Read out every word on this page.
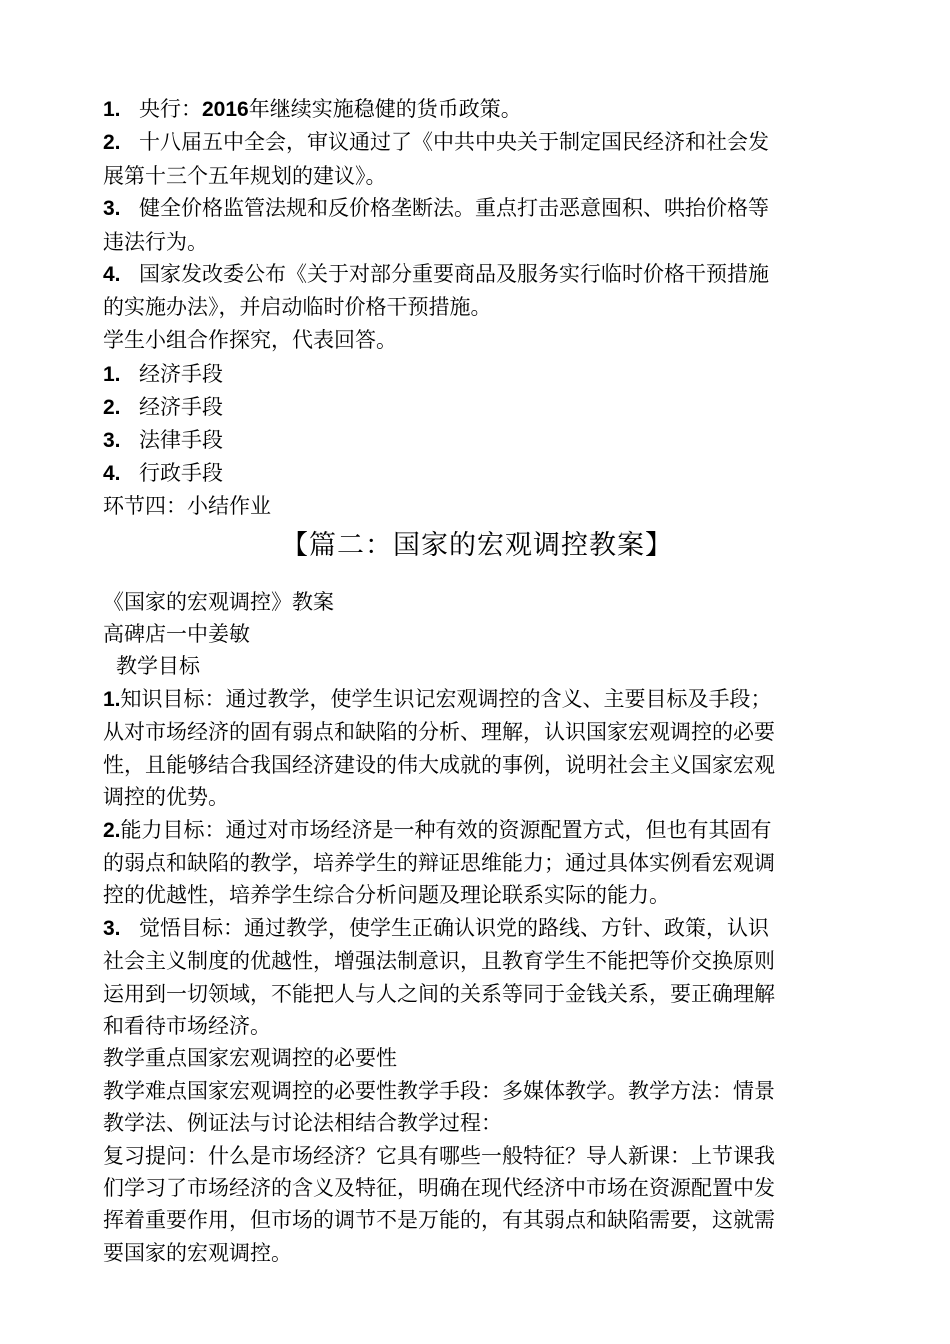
1. 央行：2016年继续实施稳健的货币政策。
2. 十八届五中全会，审议通过了《中共中央关于制定国民经济和社会发
展第十三个五年规划的建议》。
3. 健全价格监管法规和反价格垄断法。重点打击恶意囤积、哄抬价格等
违法行为。
4. 国家发改委公布《关于对部分重要商品及服务实行临时价格干预措施
的实施办法》，并启动临时价格干预措施。
学生小组合作探究，代表回答。
1. 经济手段
2. 经济手段
3. 法律手段
4. 行政手段
环节四：小结作业
【篇二：国家的宏观调控教案】
《国家的宏观调控》教案
高碑店一中姜敏
教学目标
1.知识目标：通过教学，使学生识记宏观调控的含义、主要目标及手段；
从对市场经济的固有弱点和缺陷的分析、理解，认识国家宏观调控的必要
性，且能够结合我国经济建设的伟大成就的事例，说明社会主义国家宏观
调控的优势。
2.能力目标：通过对市场经济是一种有效的资源配置方式，但也有其固有
的弱点和缺陷的教学，培养学生的辩证思维能力；通过具体实例看宏观调
控的优越性，培养学生综合分析问题及理论联系实际的能力。
3. 觉悟目标：通过教学，使学生正确认识党的路线、方针、政策，认识
社会主义制度的优越性，增强法制意识，且教育学生不能把等价交换原则
运用到一切领域，不能把人与人之间的关系等同于金钱关系，要正确理解
和看待市场经济。
教学重点国家宏观调控的必要性
教学难点国家宏观调控的必要性教学手段：多媒体教学。教学方法：情景
教学法、例证法与讨论法相结合教学过程：
复习提问：什么是市场经济？它具有哪些一般特征？导人新课：上节课我
们学习了市场经济的含义及特征，明确在现代经济中市场在资源配置中发
挥着重要作用，但市场的调节不是万能的，有其弱点和缺陷需要，这就需
要国家的宏观调控。
